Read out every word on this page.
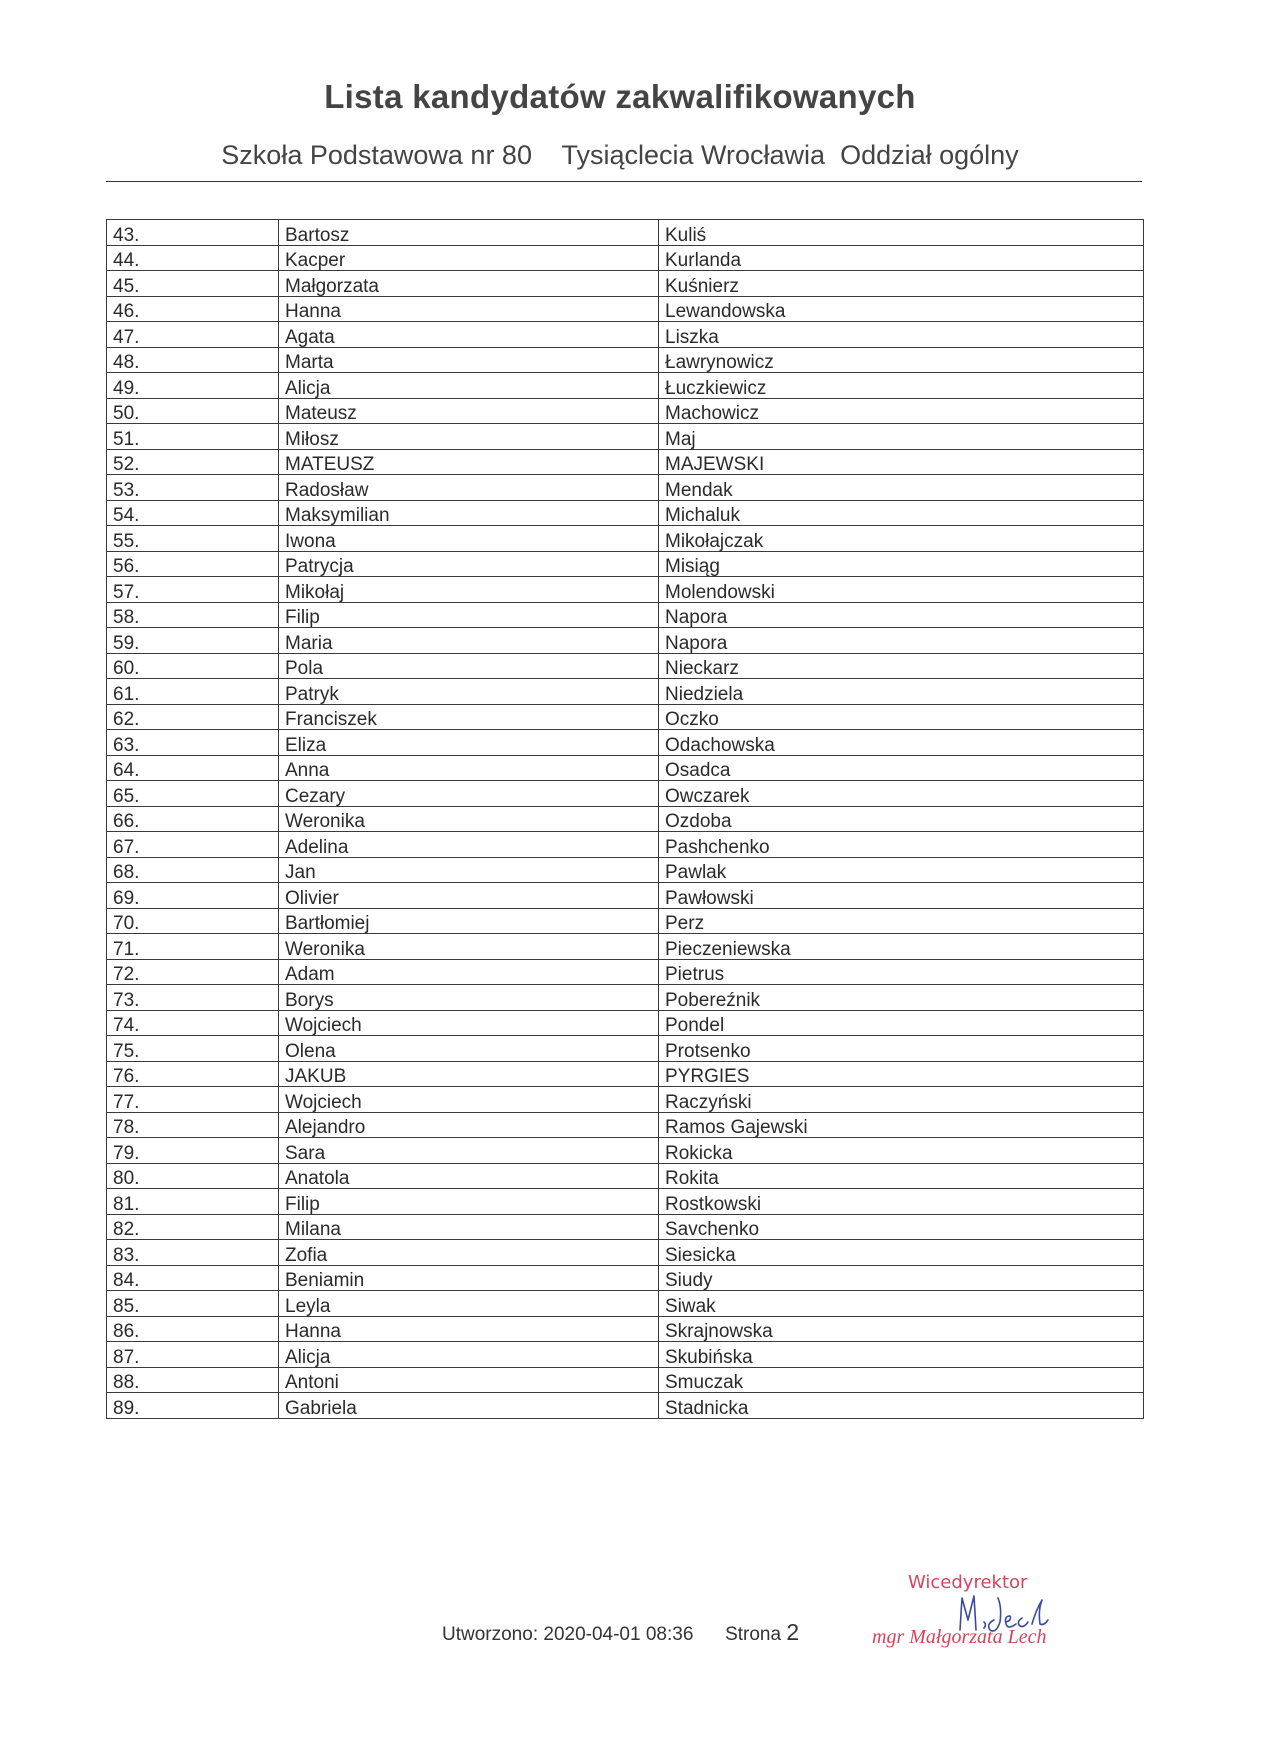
Lista kandydatów zakwalifikowanych
Szkoła Podstawowa nr 80    Tysiąclecia Wrocławia  Oddział ogólny
43.	Bartosz	Kuliś
44.	Kacper	Kurlanda
45.	Małgorzata	Kuśnierz
46.	Hanna	Lewandowska
47.	Agata	Liszka
48.	Marta	Ławrynowicz
49.	Alicja	Łuczkiewicz
50.	Mateusz	Machowicz
51.	Miłosz	Maj
52.	MATEUSZ	MAJEWSKI
53.	Radosław	Mendak
54.	Maksymilian	Michaluk
55.	Iwona	Mikołajczak
56.	Patrycja	Misiąg
57.	Mikołaj	Molendowski
58.	Filip	Napora
59.	Maria	Napora
60.	Pola	Nieckarz
61.	Patryk	Niedziela
62.	Franciszek	Oczko
63.	Eliza	Odachowska
64.	Anna	Osadca
65.	Cezary	Owczarek
66.	Weronika	Ozdoba
67.	Adelina	Pashchenko
68.	Jan	Pawlak
69.	Olivier	Pawłowski
70.	Bartłomiej	Perz
71.	Weronika	Pieczeniewska
72.	Adam	Pietrus
73.	Borys	Pobereźnik
74.	Wojciech	Pondel
75.	Olena	Protsenko
76.	JAKUB	PYRGIES
77.	Wojciech	Raczyński
78.	Alejandro	Ramos Gajewski
79.	Sara	Rokicka
80.	Anatola	Rokita
81.	Filip	Rostkowski
82.	Milana	Savchenko
83.	Zofia	Siesicka
84.	Beniamin	Siudy
85.	Leyla	Siwak
86.	Hanna	Skrajnowska
87.	Alicja	Skubińska
88.	Antoni	Smuczak
89.	Gabriela	Stadnicka
Utworzono: 2020-04-01 08:36 Strona 2
Wicedyrektor
mgr Małgorzata Lech
